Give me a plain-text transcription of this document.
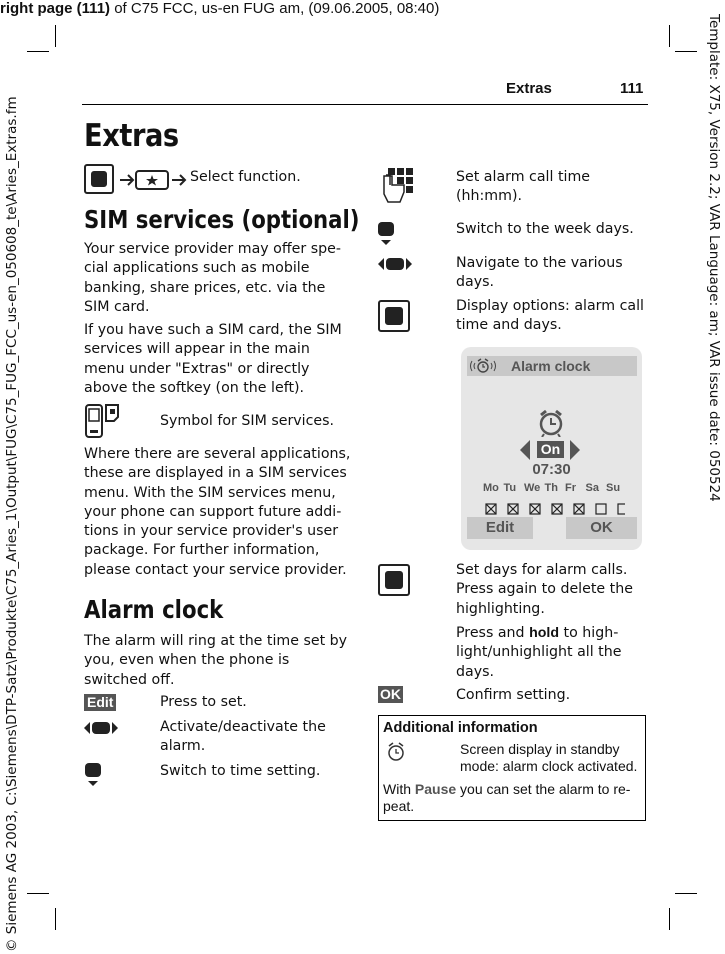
right page (111) of C75 FCC, us-en FUG am, (09.06.2005, 08:40)
© Siemens AG 2003, C:\Siemens\DTP-Satz\Produkte\C75_Aries_1\Output\FUG\C75_FUG_FCC_us-en_050608_te\Aries_Extras.fm	Template: X75, Version 2.2; VAR Language: am; VAR issue date: 050524
Extras	111
Extras
Select function.
SIM services (optional)
Your service provider may offer spe-cial applications such as mobile banking, share prices, etc. via the SIM card.
If you have such a SIM card, the SIM services will appear in the main menu under "Extras" or directly above the softkey (on the left).
Symbol for SIM services.
Where there are several applications, these are displayed in a SIM services menu. With the SIM services menu, your phone can support future addi-tions in your service provider's user package. For further information, please contact your service provider.
Alarm clock
The alarm will ring at the time set by you, even when the phone is switched off.
Edit	Press to set.
Activate/deactivate the alarm.
Switch to time setting.
Set alarm call time (hh:mm).
Switch to the week days.
Navigate to the various days.
Display options: alarm call time and days.
Alarm clock
On
07:30
Mo Tu We Th Fr Sa Su
Edit	OK
Set days for alarm calls. Press again to delete the highlighting.
Press and hold to high-light/unhighlight all the days.
OK	Confirm setting.
Additional information
Screen display in standby mode: alarm clock activated.
With Pause you can set the alarm to re-peat.
